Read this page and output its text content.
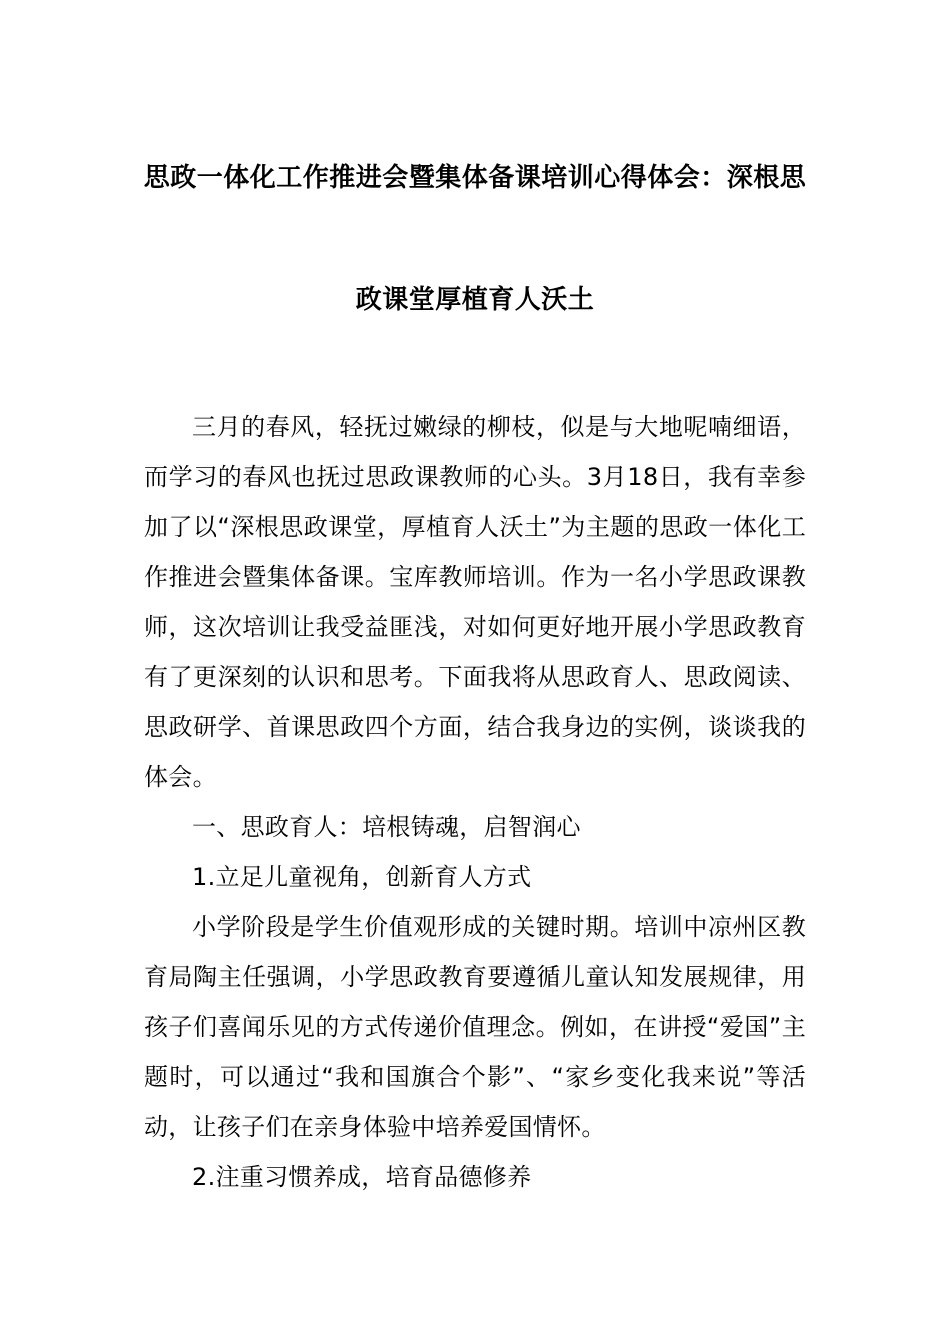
思政一体化工作推进会暨集体备课培训心得体会：深根思
政课堂厚植育人沃土

三月的春风，轻抚过嫩绿的柳枝，似是与大地呢喃细语，而学习的春风也抚过思政课教师的心头。3月18日，我有幸参加了以“深根思政课堂，厚植育人沃土”为主题的思政一体化工作推进会暨集体备课。宝库教师培训。作为一名小学思政课教师，这次培训让我受益匪浅，对如何更好地开展小学思政教育有了更深刻的认识和思考。下面我将从思政育人、思政阅读、思政研学、首课思政四个方面，结合我身边的实例，谈谈我的体会。

一、思政育人：培根铸魂，启智润心

1.立足儿童视角，创新育人方式

小学阶段是学生价值观形成的关键时期。培训中凉州区教育局陶主任强调，小学思政教育要遵循儿童认知发展规律，用孩子们喜闻乐见的方式传递价值理念。例如，在讲授“爱国”主题时，可以通过“我和国旗合个影”、“家乡变化我来说”等活动，让孩子们在亲身体验中培养爱国情怀。

2.注重习惯养成，培育品德修养
